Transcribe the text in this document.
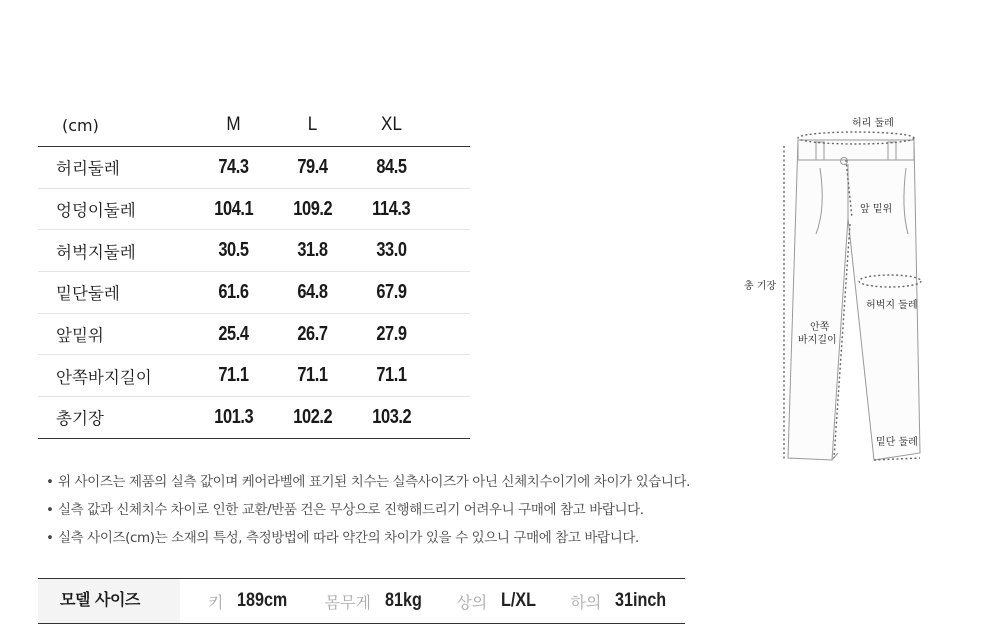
(cm)	M	L	XL	
허리둘레	74.3	79.4	84.5	
엉덩이둘레	104.1	109.2	114.3	
허벅지둘레	30.5	31.8	33.0	
밑단둘레	61.6	64.8	67.9	
앞밑위	25.4	26.7	27.9	
안쪽바지길이	71.1	71.1	71.1	
총기장	101.3	102.2	103.2	
• 위 사이즈는 제품의 실측 값이며 케어라벨에 표기된 치수는 실측사이즈가 아닌 신체치수이기에 차이가 있습니다.
• 실측 값과 신체치수 차이로 인한 교환/반품 건은 무상으로 진행해드리기 어려우니 구매에 참고 바랍니다.
• 실측 사이즈(cm)는 소재의 특성, 측정방법에 따라 약간의 차이가 있을 수 있으니 구매에 참고 바랍니다.
모델 사이즈	키 189cm 몸무게 81kg 상의 L/XL 하의 31inch
허리 둘레
앞 밑위
총 기장
허벅지 둘레
안쪽
바지길이
밑단 둘레
